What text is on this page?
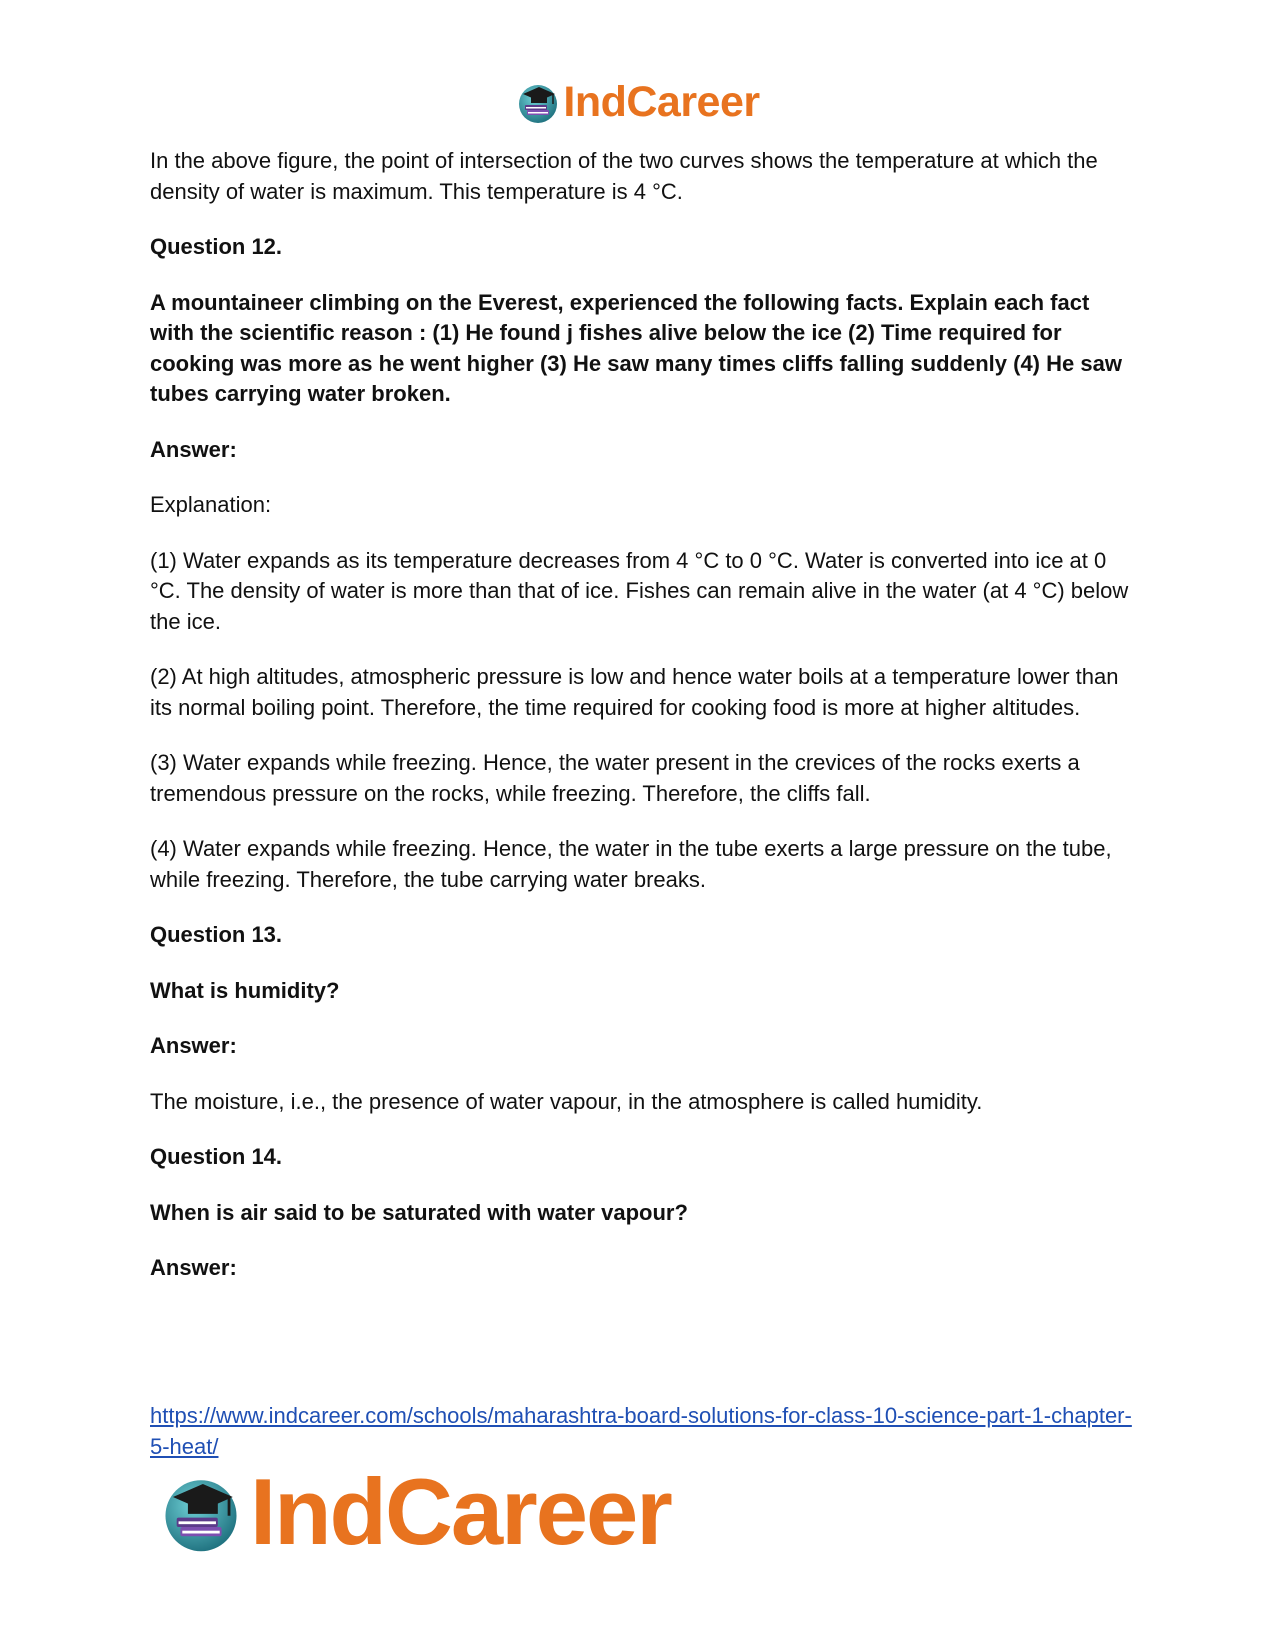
IndCareer

In the above figure, the point of intersection of the two curves shows the temperature at which the density of water is maximum. This temperature is 4 °C.

Question 12.

A mountaineer climbing on the Everest, experienced the following facts. Explain each fact with the scientific reason : (1) He found j fishes alive below the ice (2) Time required for cooking was more as he went higher (3) He saw many times cliffs falling suddenly (4) He saw tubes carrying water broken.

Answer:

Explanation:

(1) Water expands as its temperature decreases from 4 °C to 0 °C. Water is converted into ice at 0 °C. The density of water is more than that of ice. Fishes can remain alive in the water (at 4 °C) below the ice.

(2) At high altitudes, atmospheric pressure is low and hence water boils at a temperature lower than its normal boiling point. Therefore, the time required for cooking food is more at higher altitudes.

(3) Water expands while freezing. Hence, the water present in the crevices of the rocks exerts a tremendous pressure on the rocks, while freezing. Therefore, the cliffs fall.

(4) Water expands while freezing. Hence, the water in the tube exerts a large pressure on the tube, while freezing. Therefore, the tube carrying water breaks.

Question 13.

What is humidity?

Answer:

The moisture, i.e., the presence of water vapour, in the atmosphere is called humidity.

Question 14.

When is air said to be saturated with water vapour?

Answer:

https://www.indcareer.com/schools/maharashtra-board-solutions-for-class-10-science-part-1-chapter-5-heat/
IndCareer
